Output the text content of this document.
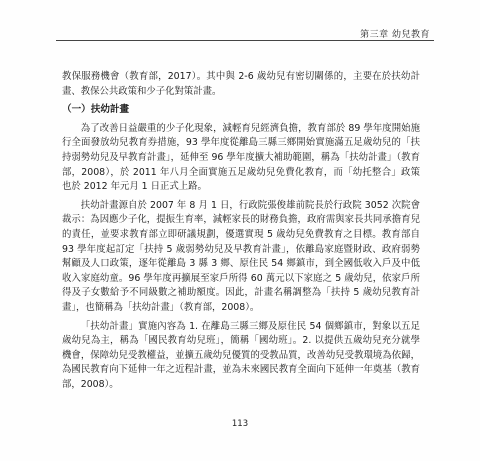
第三章 幼兒教育

教保服務機會（教育部，2017）。其中與 2-6 歲幼兒有密切關係的，主要在於扶幼計畫、教保公共政策和少子化對策計畫。

（一）扶幼計畫

為了改善日益嚴重的少子化現象，減輕育兒經濟負擔，教育部於 89 學年度開始施行全面發放幼兒教育券措施，93 學年度從離島三縣三鄉開始實施滿五足歲幼兒的「扶持弱勢幼兒及早教育計畫」，延伸至 96 學年度擴大補助範圍，稱為「扶幼計畫」（教育部，2008），於 2011 年八月全面實施五足歲幼兒免費化教育，而「幼托整合」政策也於 2012 年元月 1 日正式上路。

扶幼計畫源自於 2007 年 8 月 1 日，行政院張俊雄前院長於行政院 3052 次院會裁示：為因應少子化，提振生育率，減輕家長的財務負擔，政府需與家長共同承擔育兒的責任，並要求教育部立即研議規劃，優選實現 5 歲幼兒免費教育之目標。教育部自 93 學年度起訂定「扶持 5 歲弱勢幼兒及早教育計畫」，依離島家庭暨財政、政府弱勢幫顧及人口政策，逐年從離島 3 縣 3 鄉、原住民 54 鄉鎮市，到全國低收入戶及中低收入家庭幼童。96 學年度再擴展至家戶所得 60 萬元以下家庭之 5 歲幼兒，依家戶所得及子女數給予不同級數之補助額度。因此，計畫名稱調整為「扶持 5 歲幼兒教育計畫」，也簡稱為「扶幼計畫」（教育部，2008）。

「扶幼計畫」實施內容為 1. 在離島三縣三鄉及原住民 54 個鄉鎮市，對象以五足歲幼兒為主，稱為「國民教育幼兒班」，簡稱「國幼班」。2. 以提供五歲幼兒充分就學機會，保障幼兒受教權益，並擴五歲幼兒優質的受教品質，改善幼兒受教環境為依歸，為國民教育向下延伸一年之近程計畫，並為未來國民教育全面向下延伸一年奠基（教育部，2008）。

113
